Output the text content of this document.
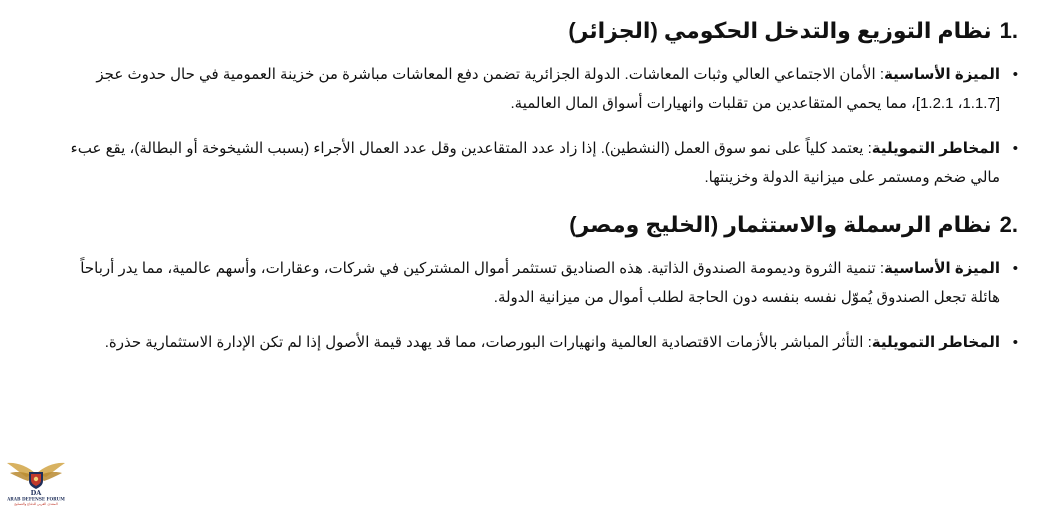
1.
نظام التوزيع والتدخل الحكومي (الجزائر)
• الميزة الأساسية: الأمان الاجتماعي العالي وثبات المعاشات. الدولة الجزائرية تضمن دفع المعاشات مباشرة من خزينة العمومية في حال حدوث عجز [1.1.7، 1.2.1]، مما يحمي المتقاعدين من تقلبات وانهيارات أسواق المال العالمية.
• المخاطر التمويلية: يعتمد كلياً على نمو سوق العمل (النشطين). إذا زاد عدد المتقاعدين وقل عدد العمال الأجراء (بسبب الشيخوخة أو البطالة)، يقع عبء مالي ضخم ومستمر على ميزانية الدولة وخزينتها.
2.
نظام الرسملة والاستثمار (الخليج ومصر)
• الميزة الأساسية: تنمية الثروة وديمومة الصندوق الذاتية. هذه الصناديق تستثمر أموال المشتركين في شركات، وعقارات، وأسهم عالمية، مما يدر أرباحاً هائلة تجعل الصندوق يُموّل نفسه بنفسه دون الحاجة لطلب أموال من ميزانية الدولة.
• المخاطر التمويلية: التأثر المباشر بالأزمات الاقتصادية العالمية وانهيارات البورصات، مما قد يهدد قيمة الأصول إذا لم تكن الإدارة الاستثمارية حذرة.
DA
ARAB DEFENSE FORUM
المنتدى العربي للدفاع والتسليح
